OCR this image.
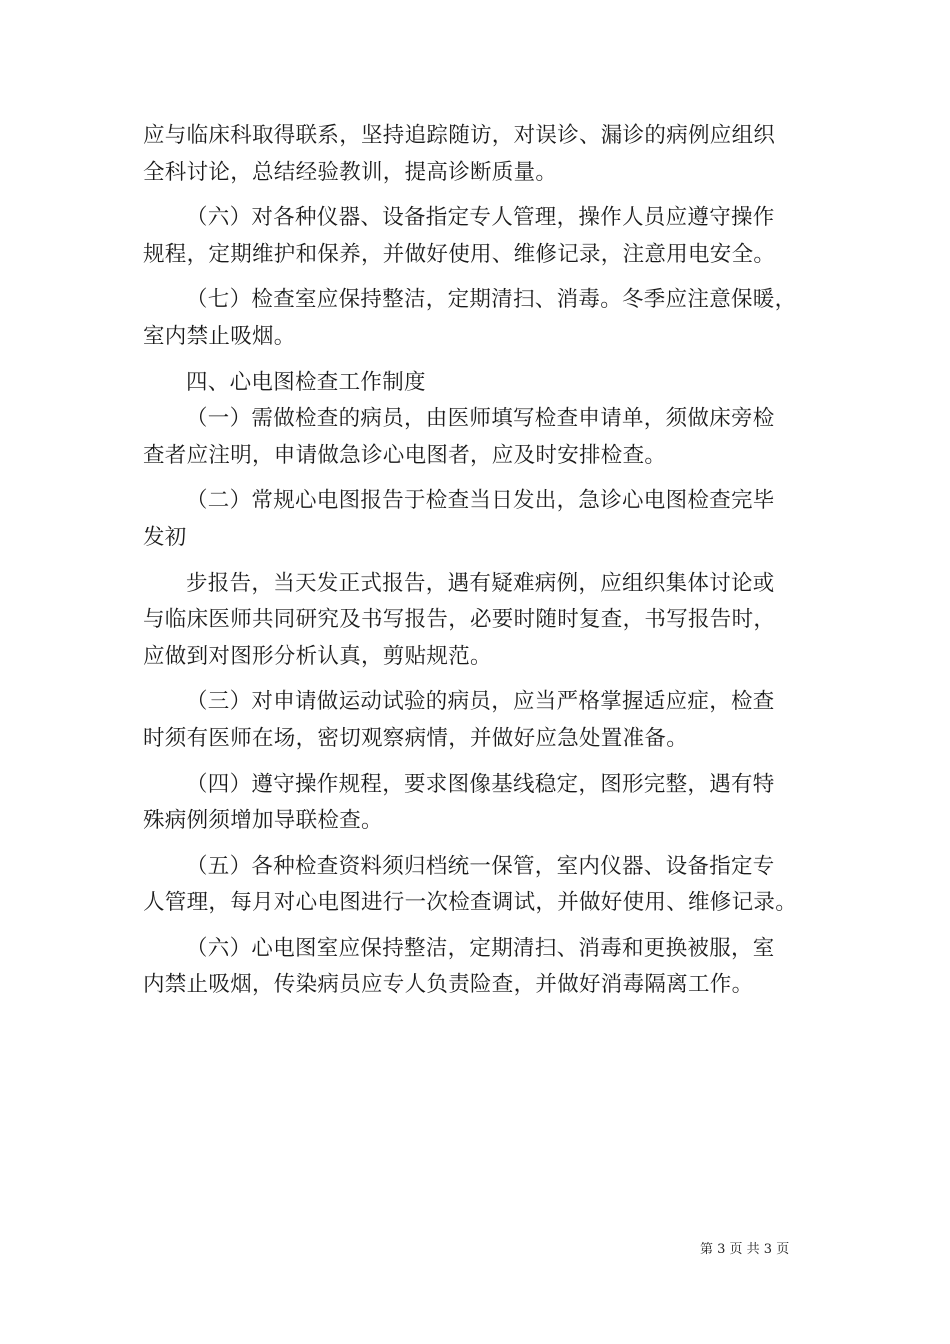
应与临床科取得联系，坚持追踪随访，对误诊、漏诊的病例应组织
全科讨论，总结经验教训，提高诊断质量。
（六）对各种仪器、设备指定专人管理，操作人员应遵守操作
规程，定期维护和保养，并做好使用、维修记录，注意用电安全。
（七）检查室应保持整洁，定期清扫、消毒。冬季应注意保暖，
室内禁止吸烟。
四、心电图检查工作制度
（一）需做检查的病员，由医师填写检查申请单，须做床旁检
查者应注明，申请做急诊心电图者，应及时安排检查。
（二）常规心电图报告于检查当日发出，急诊心电图检查完毕
发初
步报告，当天发正式报告，遇有疑难病例，应组织集体讨论或
与临床医师共同研究及书写报告，必要时随时复查，书写报告时，
应做到对图形分析认真，剪贴规范。
（三）对申请做运动试验的病员，应当严格掌握适应症，检查
时须有医师在场，密切观察病情，并做好应急处置准备。
（四）遵守操作规程，要求图像基线稳定，图形完整，遇有特
殊病例须增加导联检查。
（五）各种检查资料须归档统一保管，室内仪器、设备指定专
人管理，每月对心电图进行一次检查调试，并做好使用、维修记录。
（六）心电图室应保持整洁，定期清扫、消毒和更换被服，室
内禁止吸烟，传染病员应专人负责险查，并做好消毒隔离工作。
第 3 页 共 3 页
